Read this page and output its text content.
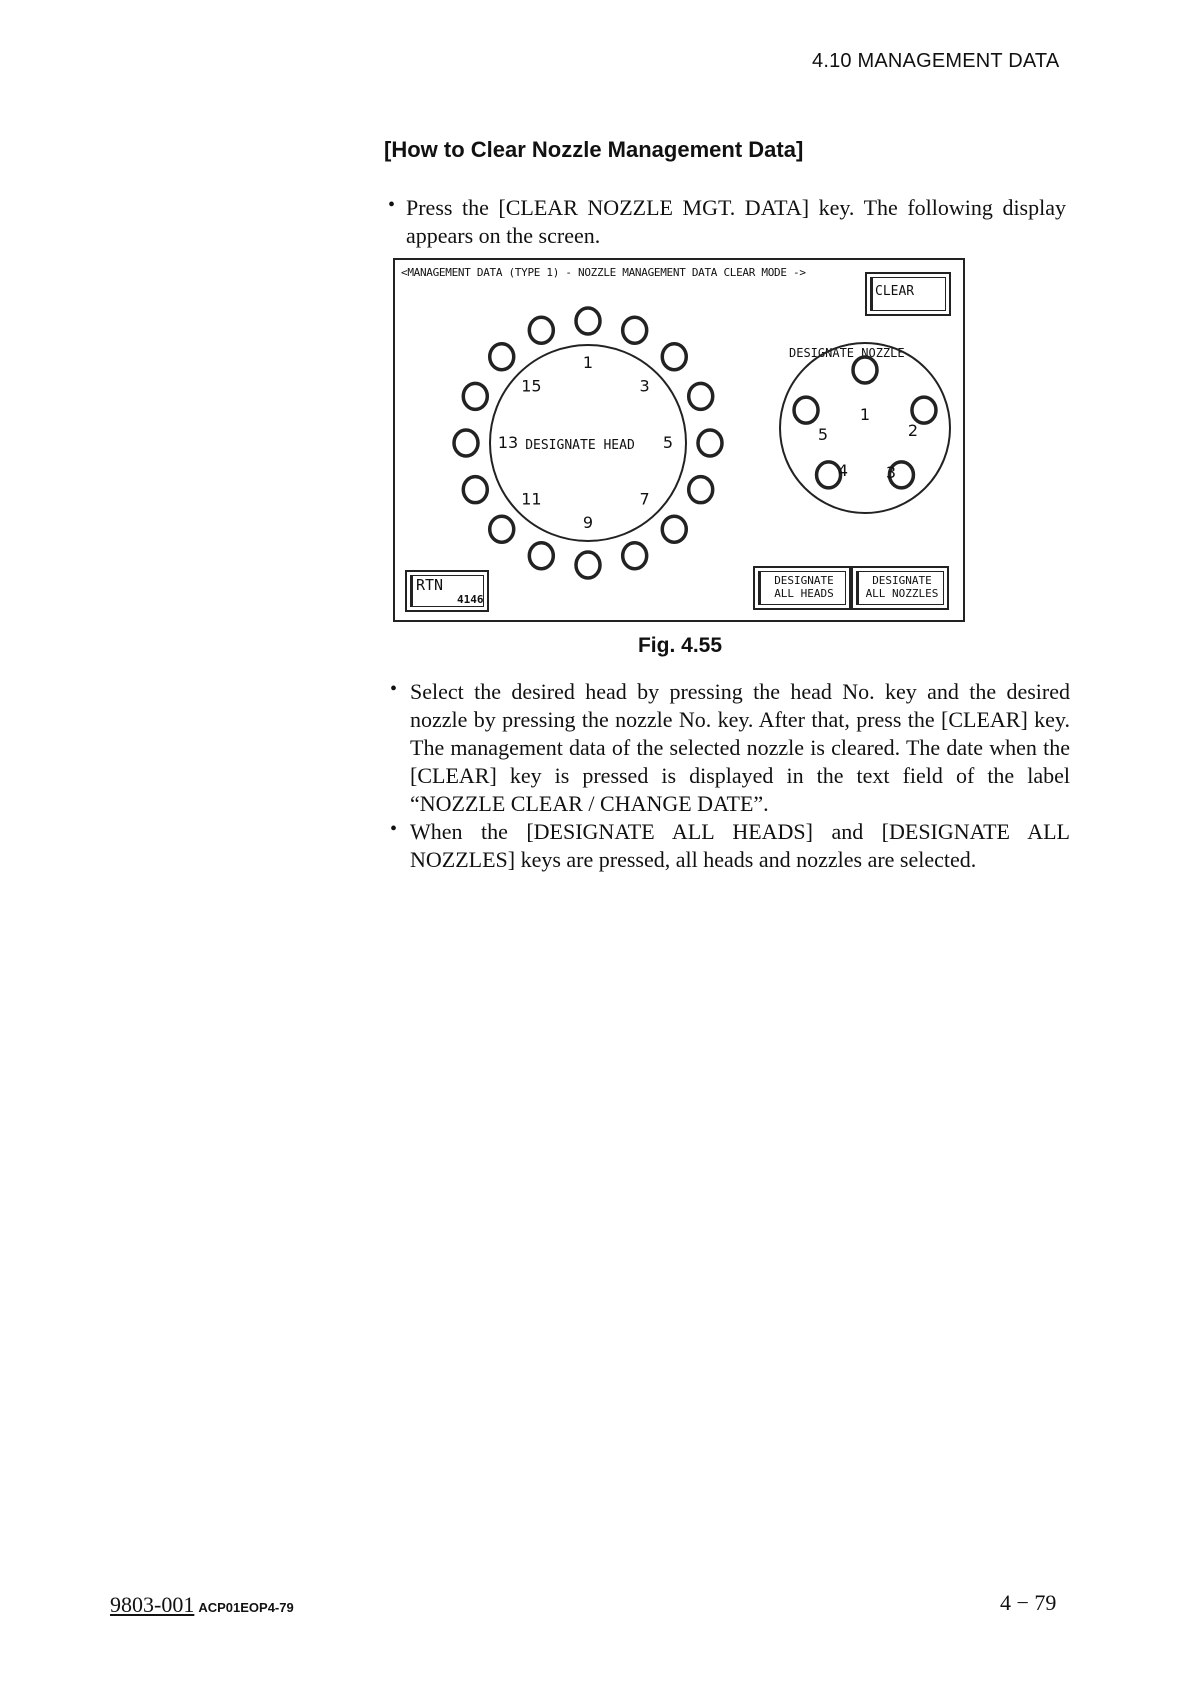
4.10 MANAGEMENT DATA
[How to Clear Nozzle Management Data]
• Press the [CLEAR NOZZLE MGT. DATA] key. The following display appears on the screen.
<MANAGEMENT DATA (TYPE 1) - NOZZLE MANAGEMENT DATA CLEAR MODE ->
CLEAR
DESIGNATE NOZZLE
1
3
5
7
9
11
13
15
1
2
3
4
5
DESIGNATE HEAD
RTN
4146
DESIGNATE ALL HEADS
DESIGNATE ALL NOZZLES
Fig. 4.55
• Select the desired head by pressing the head No. key and the desired nozzle by pressing the nozzle No. key. After that, press the [CLEAR] key. The management data of the selected nozzle is cleared. The date when the [CLEAR] key is pressed is displayed in the text field of the label “NOZZLE CLEAR / CHANGE DATE”.
• When the [DESIGNATE ALL HEADS] and [DESIGNATE ALL NOZZLES] keys are pressed, all heads and nozzles are selected.
9803-001 ACP01EOP4-79	4 − 79
